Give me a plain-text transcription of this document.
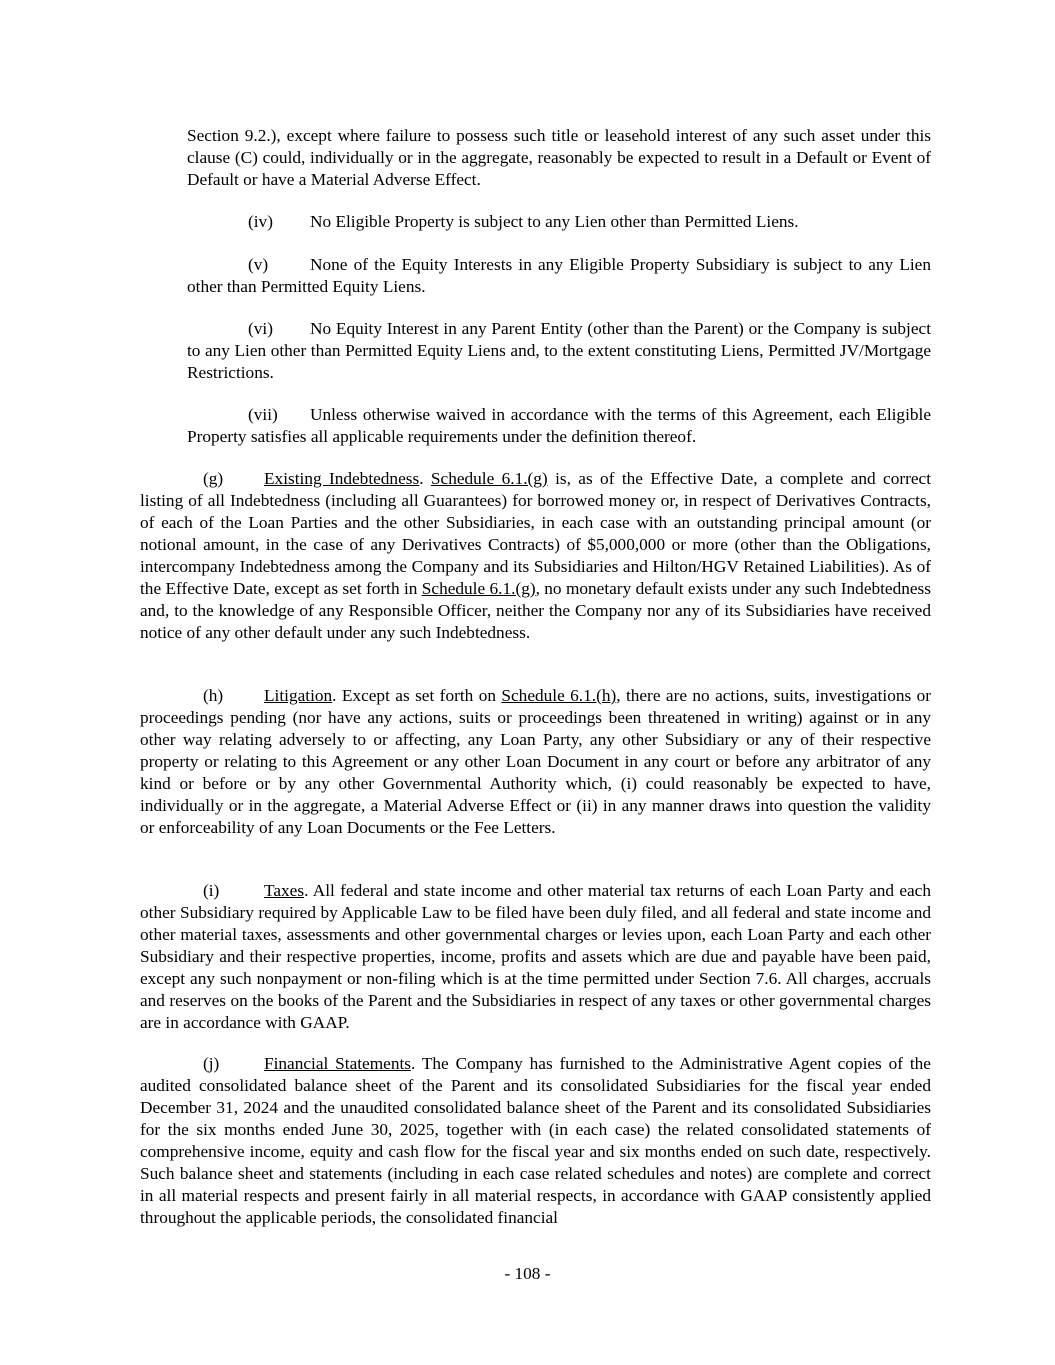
Section 9.2.), except where failure to possess such title or leasehold interest of any such asset under this clause (C) could, individually or in the aggregate, reasonably be expected to result in a Default or Event of Default or have a Material Adverse Effect.

(iv) No Eligible Property is subject to any Lien other than Permitted Liens.

(v) None of the Equity Interests in any Eligible Property Subsidiary is subject to any Lien other than Permitted Equity Liens.

(vi) No Equity Interest in any Parent Entity (other than the Parent) or the Company is subject to any Lien other than Permitted Equity Liens and, to the extent constituting Liens, Permitted JV/Mortgage Restrictions.

(vii) Unless otherwise waived in accordance with the terms of this Agreement, each Eligible Property satisfies all applicable requirements under the definition thereof.

(g) Existing Indebtedness. Schedule 6.1.(g) is, as of the Effective Date, a complete and correct listing of all Indebtedness (including all Guarantees) for borrowed money or, in respect of Derivatives Contracts, of each of the Loan Parties and the other Subsidiaries, in each case with an outstanding principal amount (or notional amount, in the case of any Derivatives Contracts) of $5,000,000 or more (other than the Obligations, intercompany Indebtedness among the Company and its Subsidiaries and Hilton/HGV Retained Liabilities). As of the Effective Date, except as set forth in Schedule 6.1.(g), no monetary default exists under any such Indebtedness and, to the knowledge of any Responsible Officer, neither the Company nor any of its Subsidiaries have received notice of any other default under any such Indebtedness.

(h) Litigation. Except as set forth on Schedule 6.1.(h), there are no actions, suits, investigations or proceedings pending (nor have any actions, suits or proceedings been threatened in writing) against or in any other way relating adversely to or affecting, any Loan Party, any other Subsidiary or any of their respective property or relating to this Agreement or any other Loan Document in any court or before any arbitrator of any kind or before or by any other Governmental Authority which, (i) could reasonably be expected to have, individually or in the aggregate, a Material Adverse Effect or (ii) in any manner draws into question the validity or enforceability of any Loan Documents or the Fee Letters.

(i)	Taxes. All federal and state income and other material tax returns of each Loan Party and each other Subsidiary required by Applicable Law to be filed have been duly filed, and all federal and state income and other material taxes, assessments and other governmental charges or levies upon, each Loan Party and each other Subsidiary and their respective properties, income, profits and assets which are due and payable have been paid, except any such nonpayment or non-filing which is at the time permitted under Section 7.6. All charges, accruals and reserves on the books of the Parent and the Subsidiaries in respect of any taxes or other governmental charges are in accordance with GAAP.

(j)	Financial Statements. The Company has furnished to the Administrative Agent copies of the audited consolidated balance sheet of the Parent and its consolidated Subsidiaries for the fiscal year ended December 31, 2024 and the unaudited consolidated balance sheet of the Parent and its consolidated Subsidiaries for the six months ended June 30, 2025, together with (in each case) the related consolidated statements of comprehensive income, equity and cash flow for the fiscal year and six months ended on such date, respectively. Such balance sheet and statements (including in each case related schedules and notes) are complete and correct in all material respects and present fairly in all material respects, in accordance with GAAP consistently applied throughout the applicable periods, the consolidated financial

- 108 -
